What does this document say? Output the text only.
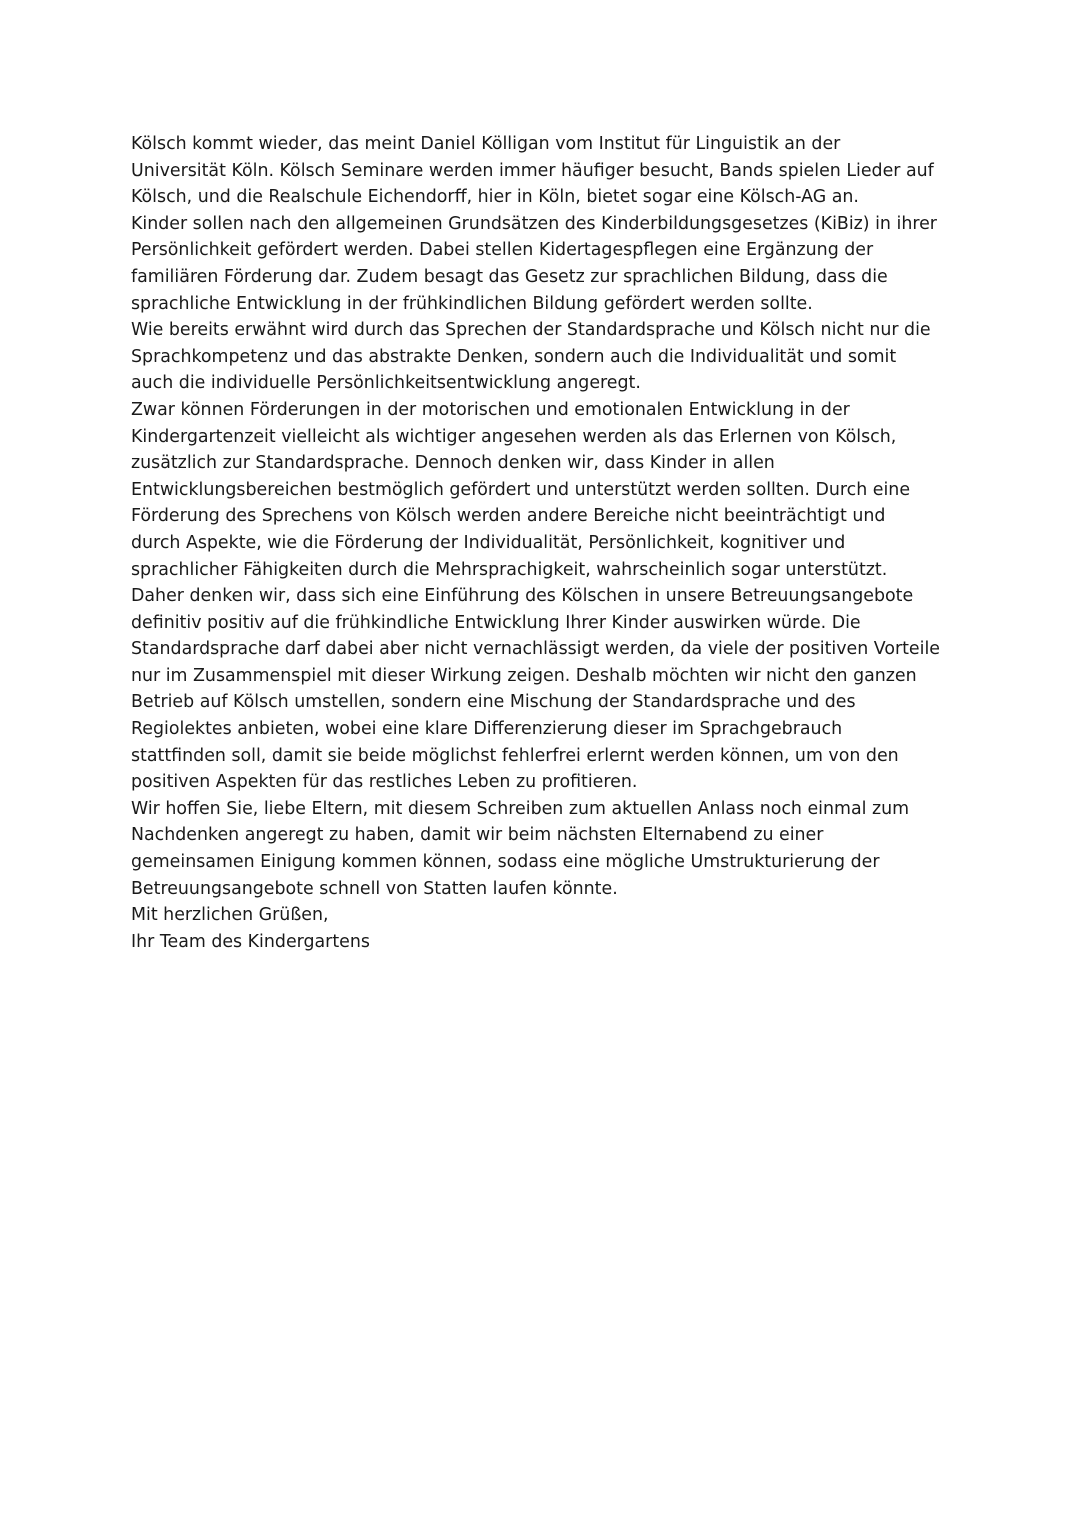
Kölsch kommt wieder, das meint Daniel Kölligan vom Institut für Linguistik an der
Universität Köln. Kölsch Seminare werden immer häufiger besucht, Bands spielen Lieder auf
Kölsch, und die Realschule Eichendorff, hier in Köln, bietet sogar eine Kölsch-AG an.
Kinder sollen nach den allgemeinen Grundsätzen des Kinderbildungsgesetzes (KiBiz) in ihrer
Persönlichkeit gefördert werden. Dabei stellen Kidertagespflegen eine Ergänzung der
familiären Förderung dar. Zudem besagt das Gesetz zur sprachlichen Bildung, dass die
sprachliche Entwicklung in der frühkindlichen Bildung gefördert werden sollte.
Wie bereits erwähnt wird durch das Sprechen der Standardsprache und Kölsch nicht nur die
Sprachkompetenz und das abstrakte Denken, sondern auch die Individualität und somit
auch die individuelle Persönlichkeitsentwicklung angeregt.
Zwar können Förderungen in der motorischen und emotionalen Entwicklung in der
Kindergartenzeit vielleicht als wichtiger angesehen werden als das Erlernen von Kölsch,
zusätzlich zur Standardsprache. Dennoch denken wir, dass Kinder in allen
Entwicklungsbereichen bestmöglich gefördert und unterstützt werden sollten. Durch eine
Förderung des Sprechens von Kölsch werden andere Bereiche nicht beeinträchtigt und
durch Aspekte, wie die Förderung der Individualität, Persönlichkeit, kognitiver und
sprachlicher Fähigkeiten durch die Mehrsprachigkeit, wahrscheinlich sogar unterstützt.
Daher denken wir, dass sich eine Einführung des Kölschen in unsere Betreuungsangebote
definitiv positiv auf die frühkindliche Entwicklung Ihrer Kinder auswirken würde. Die
Standardsprache darf dabei aber nicht vernachlässigt werden, da viele der positiven Vorteile
nur im Zusammenspiel mit dieser Wirkung zeigen. Deshalb möchten wir nicht den ganzen
Betrieb auf Kölsch umstellen, sondern eine Mischung der Standardsprache und des
Regiolektes anbieten, wobei eine klare Differenzierung dieser im Sprachgebrauch
stattfinden soll, damit sie beide möglichst fehlerfrei erlernt werden können, um von den
positiven Aspekten für das restliches Leben zu profitieren.
Wir hoffen Sie, liebe Eltern, mit diesem Schreiben zum aktuellen Anlass noch einmal zum
Nachdenken angeregt zu haben, damit wir beim nächsten Elternabend zu einer
gemeinsamen Einigung kommen können, sodass eine mögliche Umstrukturierung der
Betreuungsangebote schnell von Statten laufen könnte.
Mit herzlichen Grüßen,
Ihr Team des Kindergartens
